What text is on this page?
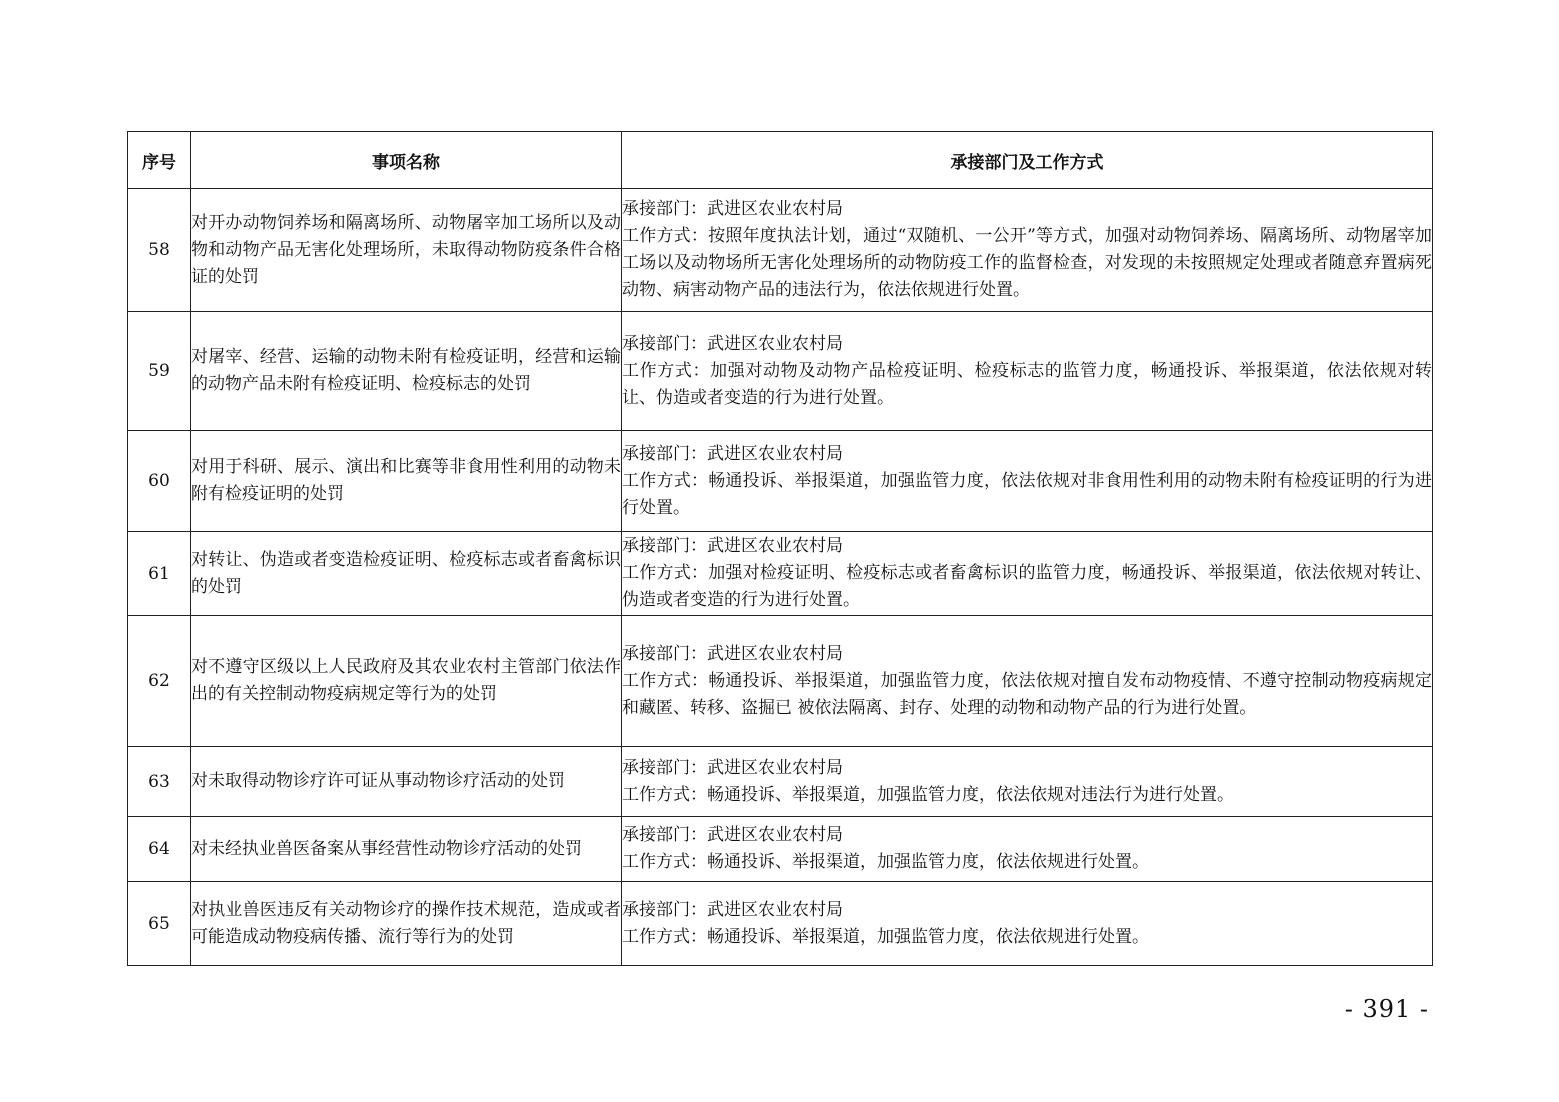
序号	事项名称	承接部门及工作方式
58	对开办动物饲养场和隔离场所、动物屠宰加工场所以及动物和动物产品无害化处理场所，未取得动物防疫条件合格证的处罚	承接部门：武进区农业农村局
工作方式：按照年度执法计划，通过“双随机、一公开”等方式，加强对动物饲养场、隔离场所、动物屠宰加工场以及动物场所无害化处理场所的动物防疫工作的监督检查，对发现的未按照规定处理或者随意弃置病死动物、病害动物产品的违法行为，依法依规进行处置。

59	对屠宰、经营、运输的动物未附有检疫证明，经营和运输的动物产品未附有检疫证明、检疫标志的处罚	承接部门：武进区农业农村局
工作方式：加强对动物及动物产品检疫证明、检疫标志的监管力度，畅通投诉、举报渠道，依法依规对转让、伪造或者变造的行为进行处置。

60	对用于科研、展示、演出和比赛等非食用性利用的动物未附有检疫证明的处罚	承接部门：武进区农业农村局
工作方式：畅通投诉、举报渠道，加强监管力度，依法依规对非食用性利用的动物未附有检疫证明的行为进行处置。

61	对转让、伪造或者变造检疫证明、检疫标志或者畜禽标识的处罚	承接部门：武进区农业农村局
工作方式：加强对检疫证明、检疫标志或者畜禽标识的监管力度，畅通投诉、举报渠道，依法依规对转让、伪造或者变造的行为进行处置。

62	对不遵守区级以上人民政府及其农业农村主管部门依法作出的有关控制动物疫病规定等行为的处罚	承接部门：武进区农业农村局
工作方式：畅通投诉、举报渠道，加强监管力度，依法依规对擅自发布动物疫情、不遵守控制动物疫病规定和藏匿、转移、盗掘已 被依法隔离、封存、处理的动物和动物产品的行为进行处置。

63	对未取得动物诊疗许可证从事动物诊疗活动的处罚	承接部门：武进区农业农村局
工作方式：畅通投诉、举报渠道，加强监管力度，依法依规对违法行为进行处置。

64	对未经执业兽医备案从事经营性动物诊疗活动的处罚	承接部门：武进区农业农村局
工作方式：畅通投诉、举报渠道，加强监管力度，依法依规进行处置。

65	对执业兽医违反有关动物诊疗的操作技术规范，造成或者可能造成动物疫病传播、流行等行为的处罚	承接部门：武进区农业农村局
工作方式：畅通投诉、举报渠道，加强监管力度，依法依规进行处置。
- 391 -
